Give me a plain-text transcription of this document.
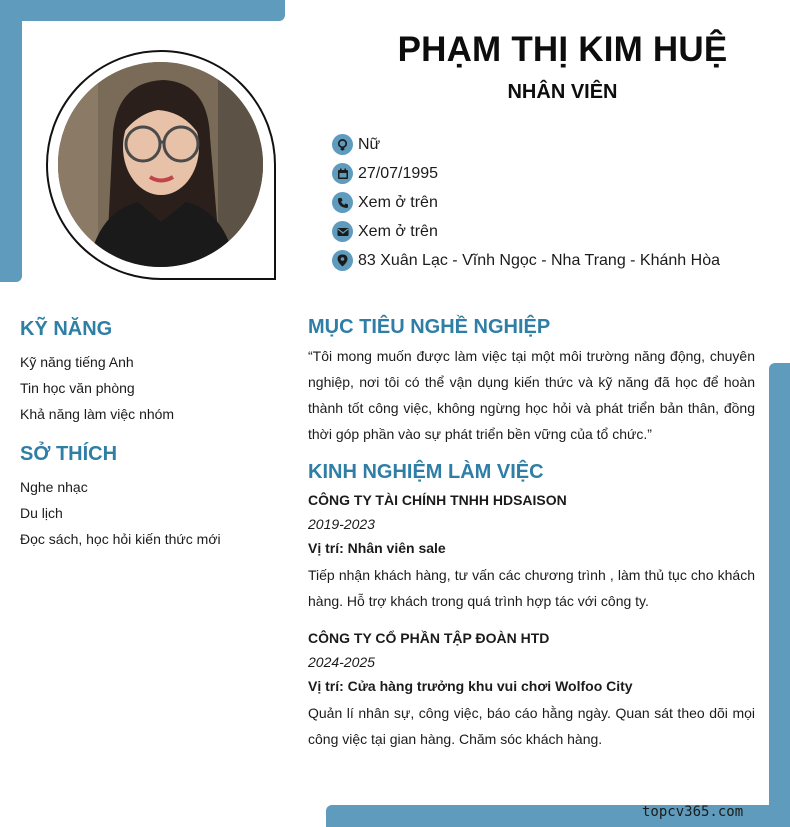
PHẠM THỊ KIM HUỆ
NHÂN VIÊN
Nữ
27/07/1995
Xem ở trên
Xem ở trên
83 Xuân Lạc - Vĩnh Ngọc - Nha Trang - Khánh Hòa
KỸ NĂNG
Kỹ năng tiếng Anh
Tin học văn phòng
Khả năng làm việc nhóm
SỞ THÍCH
Nghe nhạc
Du lịch
Đọc sách, học hỏi kiến thức mới
MỤC TIÊU NGHỀ NGHIỆP
“Tôi mong muốn được làm việc tại một môi trường năng động, chuyên nghiệp, nơi tôi có thể vận dụng kiến thức và kỹ năng đã học để hoàn thành tốt công việc, không ngừng học hỏi và phát triển bản thân, đồng thời góp phần vào sự phát triển bền vững của tổ chức.”
KINH NGHIỆM LÀM VIỆC
CÔNG TY TÀI CHÍNH TNHH HDSAISON
2019-2023
Vị trí: Nhân viên sale
Tiếp nhận khách hàng, tư vấn các chương trình , làm thủ tục cho khách hàng. Hỗ trợ khách trong quá trình hợp tác với công ty.
CÔNG TY CỔ PHẦN TẬP ĐOÀN HTD
2024-2025
Vị trí: Cửa hàng trưởng khu vui chơi Wolfoo City
Quản lí nhân sự, công việc, báo cáo hằng ngày. Quan sát theo dõi mọi công việc tại gian hàng. Chăm sóc khách hàng.
topcv365.com
